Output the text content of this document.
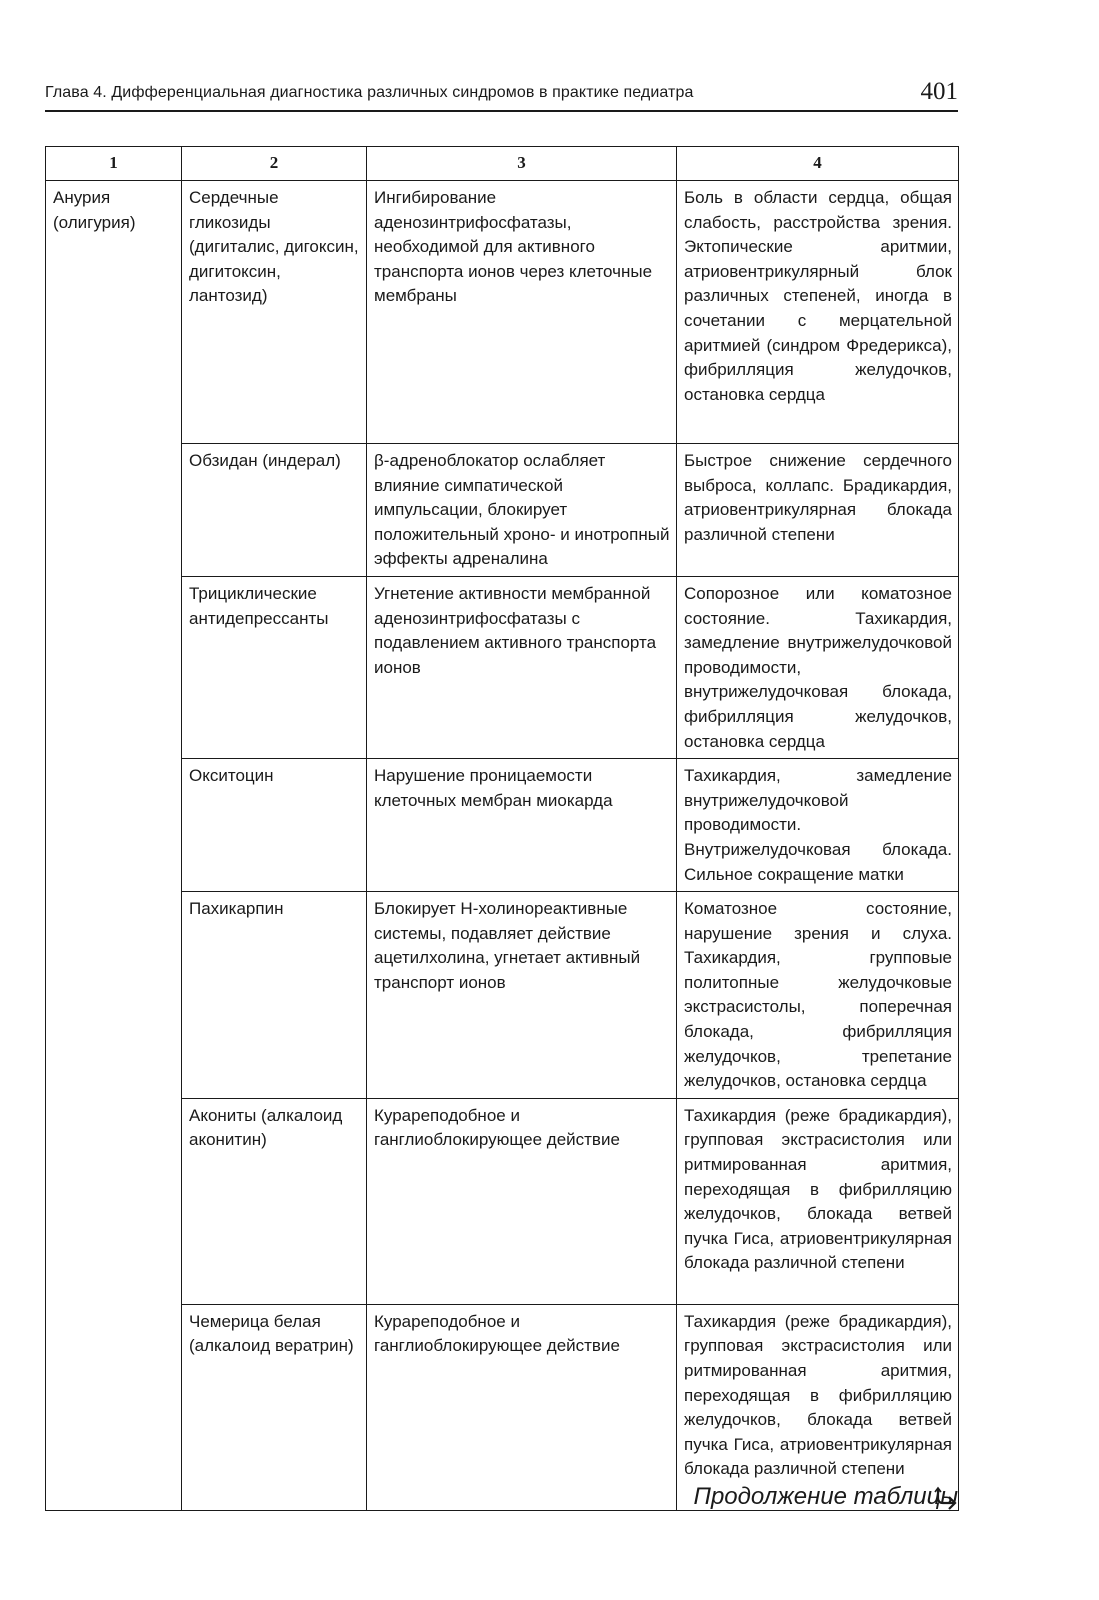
Глава 4. Дифференциальная диагностика различных синдромов в практике педиатра	401
1	2	3	4
Анурия (олигурия)	Сердечные гликозиды (дигиталис, дигоксин, дигитоксин, лантозид)	Ингибирование аденозинтрифосфатазы, необходимой для активного транспорта ионов через клеточные мембраны	Боль в области сердца, общая слабость, расстройства зрения. Эктопические аритмии, атриовентрикулярный блок различных степеней, иногда в сочетании с мерцательной аритмией (синдром Фредерикса), фибрилляция желудочков, остановка сердца
	Обзидан (индерал)	β-адреноблокатор ослабляет влияние симпатической импульсации, блокирует положительный хроно- и инотропный эффекты адреналина	Быстрое снижение сердечного выброса, коллапс. Брадикардия, атриовентрикулярная блокада различной степени
	Трициклические антидепрессанты	Угнетение активности мембранной аденозинтрифосфатазы с подавлением активного транспорта ионов	Сопорозное или коматозное состояние. Тахикардия, замедление внутрижелудочковой проводимости, внутрижелудочковая блокада, фибрилляция желудочков, остановка сердца
	Окситоцин	Нарушение проницаемости клеточных мембран миокарда	Тахикардия, замедление внутрижелудочковой проводимости. Внутрижелудочковая блокада. Сильное сокращение матки
	Пахикарпин	Блокирует Н-холинореактивные системы, подавляет действие ацетилхолина, угнетает активный транспорт ионов	Коматозное состояние, нарушение зрения и слуха. Тахикардия, групповые политопные желудочковые экстрасистолы, поперечная блокада, фибрилляция желудочков, трепетание желудочков, остановка сердца
	Акониты (алкалоид аконитин)	Курареподобное и ганглиоблокирующее действие	Тахикардия (реже брадикардия), групповая экстрасистолия или ритмированная аритмия, переходящая в фибрилляцию желудочков, блокада ветвей пучка Гиса, атриовентрикулярная блокада различной степени
	Чемерица белая (алкалоид вератрин)	Курареподобное и ганглиоблокирующее действие	Тахикардия (реже брадикардия), групповая экстрасистолия или ритмированная аритмия, переходящая в фибрилляцию желудочков, блокада ветвей пучка Гиса, атриовентрикулярная блокада различной степени
Продолжение таблицы
